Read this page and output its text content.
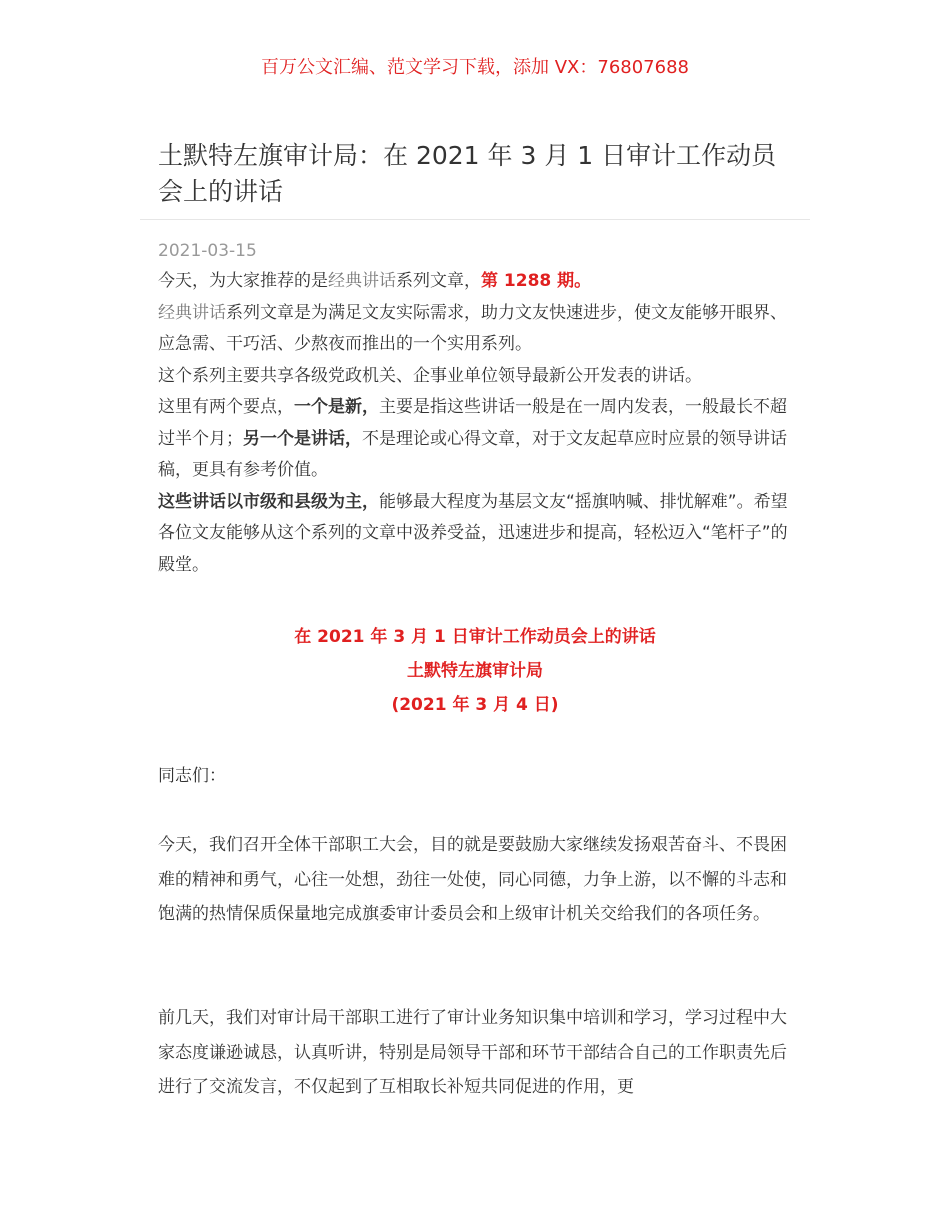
百万公文汇编、范文学习下载，添加 VX：76807688
土默特左旗审计局：在 2021 年 3 月 1 日审计工作动员会上的讲话
2021-03-15

今天，为大家推荐的是经典讲话系列文章，第 1288 期。

经典讲话系列文章是为满足文友实际需求，助力文友快速进步，使文友能够开眼界、应急需、干巧活、少熬夜而推出的一个实用系列。

这个系列主要共享各级党政机关、企事业单位领导最新公开发表的讲话。

这里有两个要点，一个是新，主要是指这些讲话一般是在一周内发表，一般最长不超过半个月；另一个是讲话，不是理论或心得文章，对于文友起草应时应景的领导讲话稿，更具有参考价值。

这些讲话以市级和县级为主，能够最大程度为基层文友“摇旗呐喊、排忧解难”。希望各位文友能够从这个系列的文章中汲养受益，迅速进步和提高，轻松迈入“笔杆子”的殿堂。

在 2021 年 3 月 1 日审计工作动员会上的讲话
土默特左旗审计局
(2021 年 3 月 4 日)

同志们：

今天，我们召开全体干部职工大会，目的就是要鼓励大家继续发扬艰苦奋斗、不畏困难的精神和勇气，心往一处想，劲往一处使，同心同德，力争上游，以不懈的斗志和饱满的热情保质保量地完成旗委审计委员会和上级审计机关交给我们的各项任务。

前几天，我们对审计局干部职工进行了审计业务知识集中培训和学习，学习过程中大家态度谦逊诚恳，认真听讲，特别是局领导干部和环节干部结合自己的工作职责先后进行了交流发言，不仅起到了互相取长补短共同促进的作用，更
